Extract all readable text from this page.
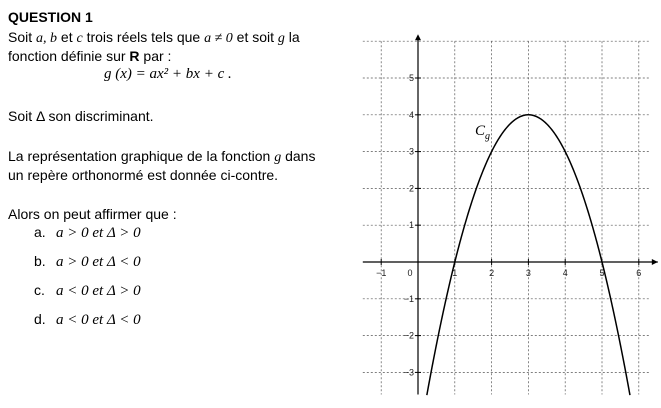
QUESTION 1
Soit a, b et c trois réels tels que a ≠ 0 et soit g la
fonction définie sur R par :
g (x) = ax² + bx + c .
Soit Δ son discriminant.
La représentation graphique de la fonction g dans
un repère orthonormé est donnée ci-contre.
Alors on peut affirmer que :
a. a > 0 et Δ > 0
b. a > 0 et Δ < 0
c. a < 0 et Δ > 0
d. a < 0 et Δ < 0
−1	1	2	3	4	5	6
−3
−2
−1
1
2
3
4
5
0
$C_g$
